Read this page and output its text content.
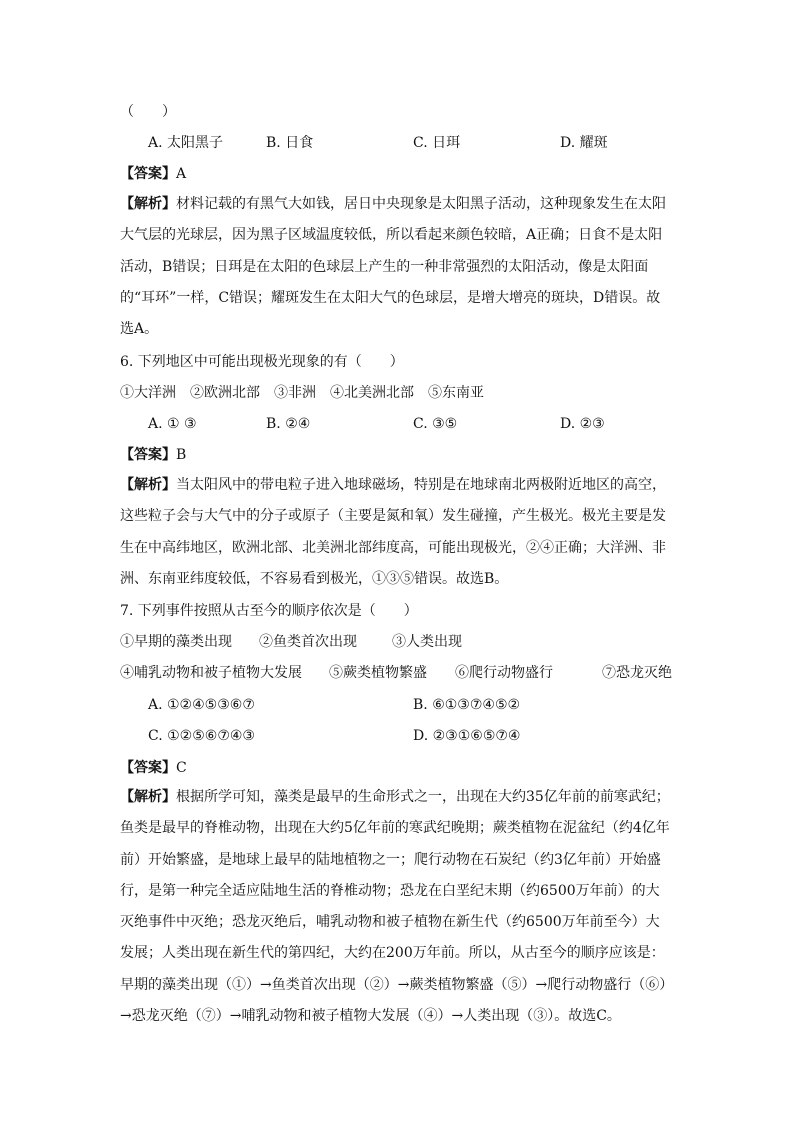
（　　）
A. 太阳黑子	B. 日食	C. 日珥	D. 耀斑
【答案】A
【解析】材料记载的有黑气大如钱，居日中央现象是太阳黑子活动，这种现象发生在太阳大气层的光球层，因为黑子区域温度较低，所以看起来颜色较暗，A正确；日食不是太阳活动，B错误；日珥是在太阳的色球层上产生的一种非常强烈的太阳活动，像是太阳面的“耳环”一样，C错误；耀斑发生在太阳大气的色球层，是增大增亮的斑块，D错误。故选A。
6. 下列地区中可能出现极光现象的有（　　）
①大洋洲　②欧洲北部　③非洲　④北美洲北部　⑤东南亚
A. ① ③	B. ②④	C. ③⑤	D. ②③
【答案】B
【解析】当太阳风中的带电粒子进入地球磁场，特别是在地球南北两极附近地区的高空，这些粒子会与大气中的分子或原子（主要是氮和氧）发生碰撞，产生极光。极光主要是发生在中高纬地区，欧洲北部、北美洲北部纬度高，可能出现极光，②④正确；大洋洲、非洲、东南亚纬度较低，不容易看到极光，①③⑤错误。故选B。
7. 下列事件按照从古至今的顺序依次是（　　）
①早期的藻类出现 ②鱼类首次出现	③人类出现
④哺乳动物和被子植物大发展 ⑤蕨类植物繁盛 ⑥爬行动物盛行	⑦恐龙灭绝
A. ①②④⑤③⑥⑦	B. ⑥①③⑦④⑤②
C. ①②⑤⑥⑦④③	D. ②③①⑥⑤⑦④
【答案】C
【解析】根据所学可知，藻类是最早的生命形式之一，出现在大约35亿年前的前寒武纪；鱼类是最早的脊椎动物，出现在大约5亿年前的寒武纪晚期；蕨类植物在泥盆纪（约4亿年前）开始繁盛，是地球上最早的陆地植物之一；爬行动物在石炭纪（约3亿年前）开始盛行，是第一种完全适应陆地生活的脊椎动物；恐龙在白垩纪末期（约6500万年前）的大灭绝事件中灭绝；恐龙灭绝后，哺乳动物和被子植物在新生代（约6500万年前至今）大发展；人类出现在新生代的第四纪，大约在200万年前。所以，从古至今的顺序应该是：早期的藻类出现（①）→鱼类首次出现（②）→蕨类植物繁盛（⑤）→爬行动物盛行（⑥）→恐龙灭绝（⑦）→哺乳动物和被子植物大发展（④）→人类出现（③）。故选C。
